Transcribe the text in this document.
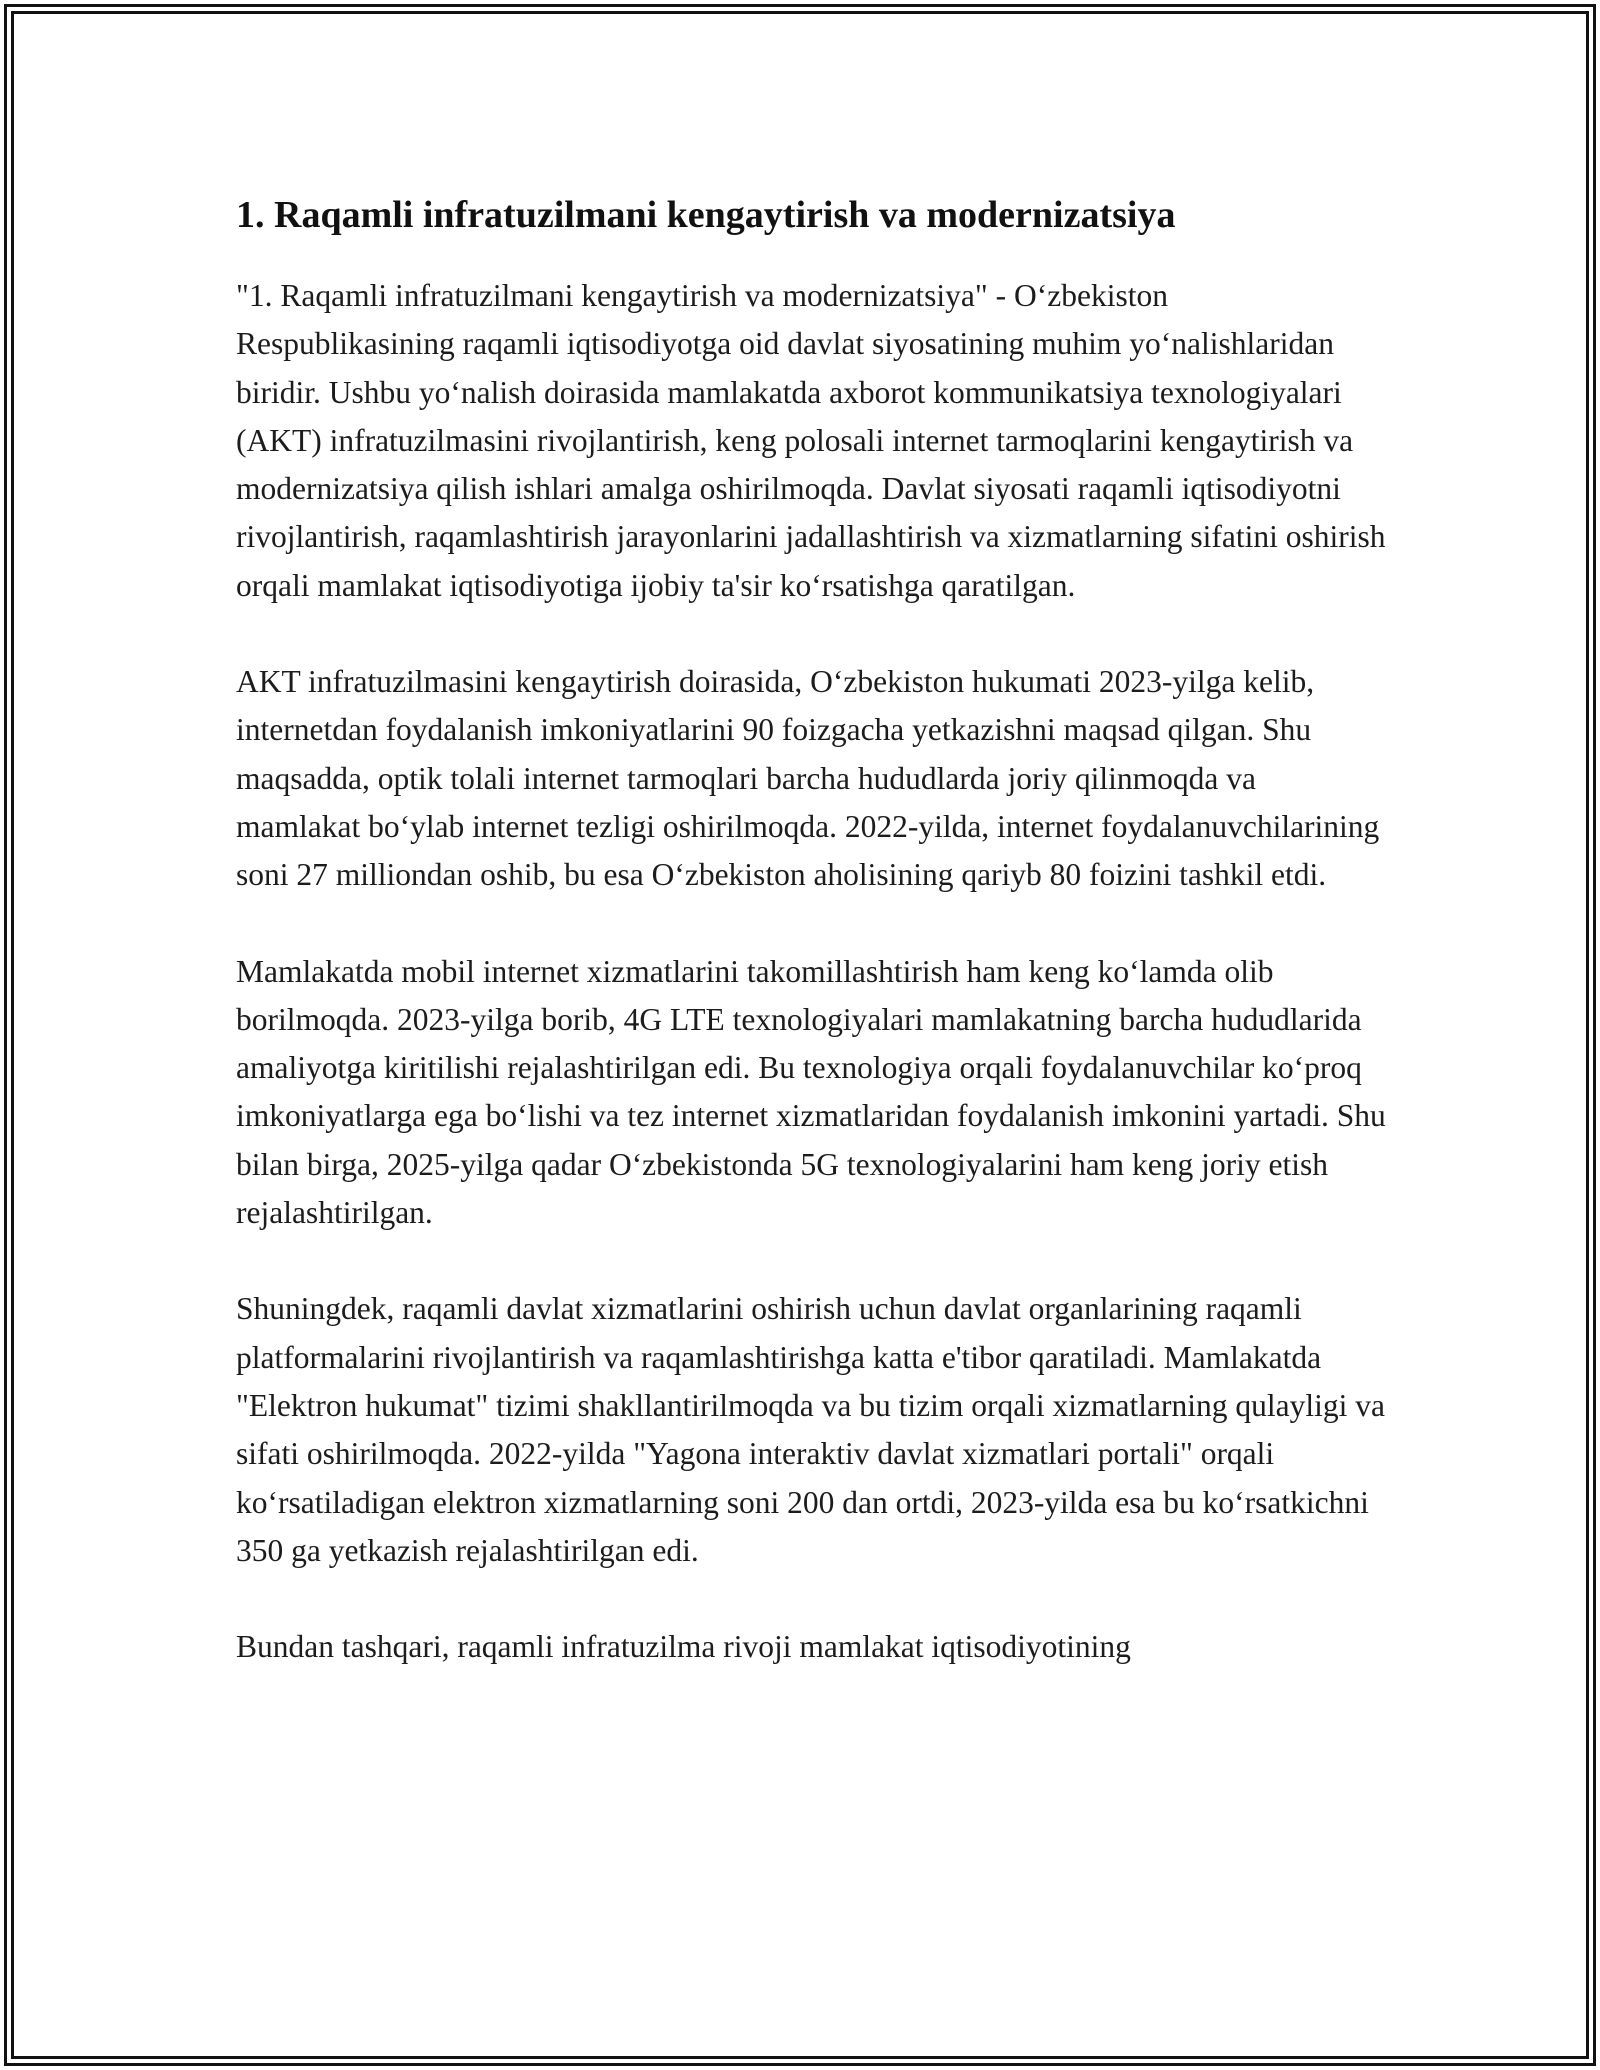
1. Raqamli infratuzilmani kengaytirish va modernizatsiya

"1. Raqamli infratuzilmani kengaytirish va modernizatsiya" - Oʻzbekiston Respublikasining raqamli iqtisodiyotga oid davlat siyosatining muhim yoʻnalishlaridan biridir. Ushbu yoʻnalish doirasida mamlakatda axborot kommunikatsiya texnologiyalari (AKT) infratuzilmasini rivojlantirish, keng polosali internet tarmoqlarini kengaytirish va modernizatsiya qilish ishlari amalga oshirilmoqda. Davlat siyosati raqamli iqtisodiyotni rivojlantirish, raqamlashtirish jarayonlarini jadallashtirish va xizmatlarning sifatini oshirish orqali mamlakat iqtisodiyotiga ijobiy ta'sir koʻrsatishga qaratilgan.

AKT infratuzilmasini kengaytirish doirasida, Oʻzbekiston hukumati 2023-yilga kelib, internetdan foydalanish imkoniyatlarini 90 foizgacha yetkazishni maqsad qilgan. Shu maqsadda, optik tolali internet tarmoqlari barcha hududlarda joriy qilinmoqda va mamlakat boʻylab internet tezligi oshirilmoqda. 2022-yilda, internet foydalanuvchilarining soni 27 milliondan oshib, bu esa Oʻzbekiston aholisining qariyb 80 foizini tashkil etdi.

Mamlakatda mobil internet xizmatlarini takomillashtirish ham keng koʻlamda olib borilmoqda. 2023-yilga borib, 4G LTE texnologiyalari mamlakatning barcha hududlarida amaliyotga kiritilishi rejalashtirilgan edi. Bu texnologiya orqali foydalanuvchilar koʻproq imkoniyatlarga ega boʻlishi va tez internet xizmatlaridan foydalanish imkonini yartadi. Shu bilan birga, 2025-yilga qadar Oʻzbekistonda 5G texnologiyalarini ham keng joriy etish rejalashtirilgan.

Shuningdek, raqamli davlat xizmatlarini oshirish uchun davlat organlarining raqamli platformalarini rivojlantirish va raqamlashtirishga katta e'tibor qaratiladi. Mamlakatda "Elektron hukumat" tizimi shakllantirilmoqda va bu tizim orqali xizmatlarning qulayligi va sifati oshirilmoqda. 2022-yilda "Yagona interaktiv davlat xizmatlari portali" orqali koʻrsatiladigan elektron xizmatlarning soni 200 dan ortdi, 2023-yilda esa bu koʻrsatkichni 350 ga yetkazish rejalashtirilgan edi.

Bundan tashqari, raqamli infratuzilma rivoji mamlakat iqtisodiyotining
